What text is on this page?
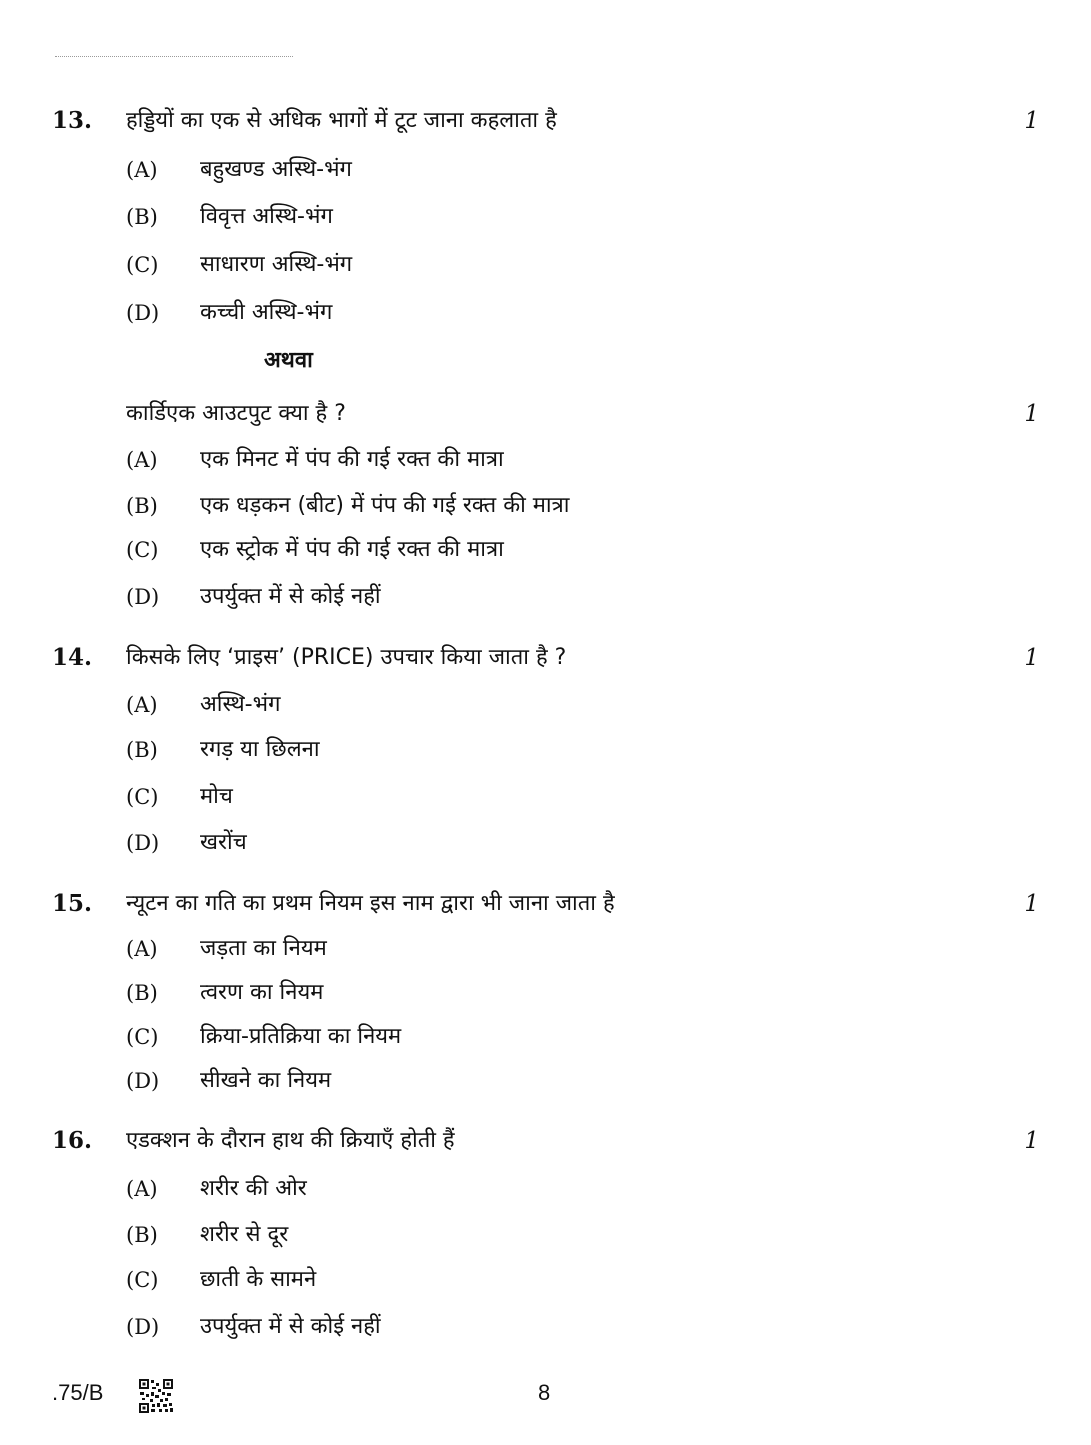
13. हड्डियों का एक से अधिक भागों में टूट जाना कहलाता है	1
(A) बहुखण्ड अस्थि-भंग
(B) विवृत्त अस्थि-भंग
(C) साधारण अस्थि-भंग
(D) कच्ची अस्थि-भंग
अथवा
कार्डिएक आउटपुट क्या है ?	1
(A) एक मिनट में पंप की गई रक्त की मात्रा
(B) एक धड़कन (बीट) में पंप की गई रक्त की मात्रा
(C) एक स्ट्रोक में पंप की गई रक्त की मात्रा
(D) उपर्युक्त में से कोई नहीं
14. किसके लिए ‘प्राइस’ (PRICE) उपचार किया जाता है ?	1
(A) अस्थि-भंग
(B) रगड़ या छिलना
(C) मोच
(D) खरोंच
15. न्यूटन का गति का प्रथम नियम इस नाम द्वारा भी जाना जाता है	1
(A) जड़ता का नियम
(B) त्वरण का नियम
(C) क्रिया-प्रतिक्रिया का नियम
(D) सीखने का नियम
16. एडक्शन के दौरान हाथ की क्रियाएँ होती हैं	1
(A) शरीर की ओर
(B) शरीर से दूर
(C) छाती के सामने
(D) उपर्युक्त में से कोई नहीं
.75/B	8
